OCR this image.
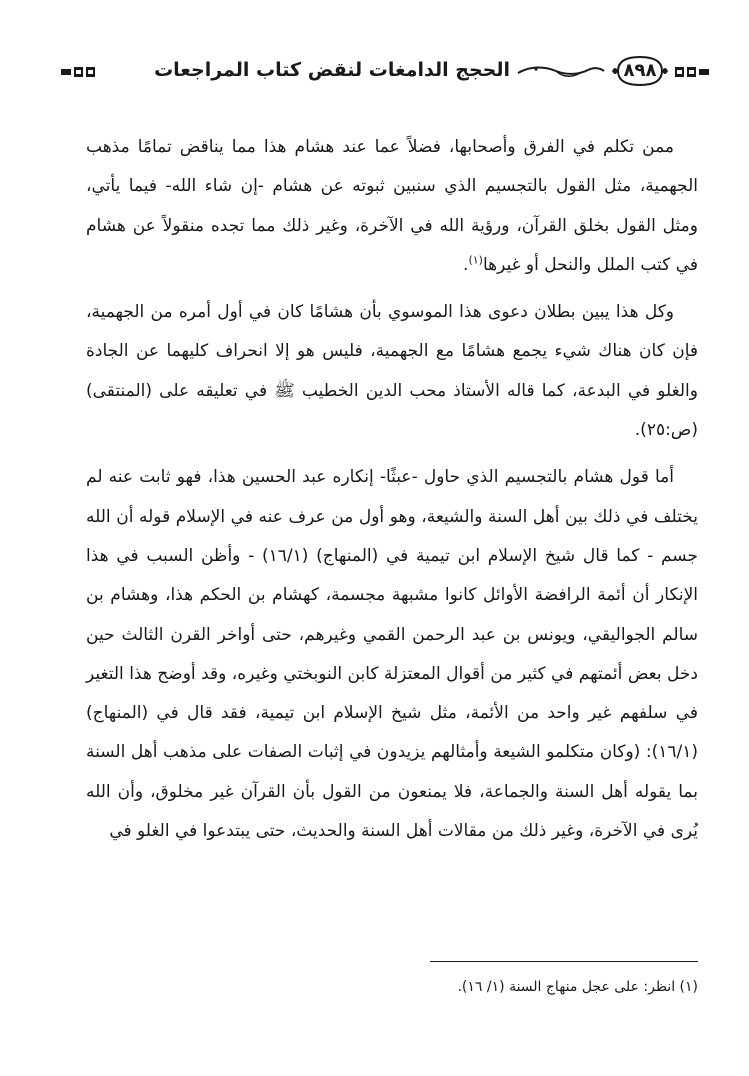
٨٩٨
الحجج الدامغات لنقض كتاب المراجعات

ممن تكلم في الفرق وأصحابها، فضلاً عما عند هشام هذا مما يناقض تمامًا مذهب الجهمية، مثل القول بالتجسيم الذي سنبين ثبوته عن هشام -إن شاء الله- فيما يأتي، ومثل القول بخلق القرآن، ورؤية الله في الآخرة، وغير ذلك مما تجده منقولاً عن هشام في كتب الملل والنحل أو غيرها$^{(١)}$.

وكل هذا يبين بطلان دعوى هذا الموسوي بأن هشامًا كان في أول أمره من الجهمية، فإن كان هناك شيء يجمع هشامًا مع الجهمية، فليس هو إلا انحراف كليهما عن الجادة والغلو في البدعة، كما قاله الأستاذ محب الدين الخطيب ﷺ في تعليقه على (المنتقى) (ص:٢٥).

أما قول هشام بالتجسيم الذي حاول -عبثًا- إنكاره عبد الحسين هذا، فهو ثابت عنه لم يختلف في ذلك بين أهل السنة والشيعة، وهو أول من عرف عنه في الإسلام قوله أن الله جسم - كما قال شيخ الإسلام ابن تيمية في (المنهاج) (١٦/١) - وأظن السبب في هذا الإنكار أن أئمة الرافضة الأوائل كانوا مشبهة مجسمة، كهشام بن الحكم هذا، وهشام بن سالم الجواليقي، ويونس بن عبد الرحمن القمي وغيرهم، حتى أواخر القرن الثالث حين دخل بعض أئمتهم في كثير من أقوال المعتزلة كابن النوبختي وغيره، وقد أوضح هذا التغير في سلفهم غير واحد من الأئمة، مثل شيخ الإسلام ابن تيمية، فقد قال في (المنهاج) (١٦/١): (وكان متكلمو الشيعة وأمثالهم يزيدون في إثبات الصفات على مذهب أهل السنة بما يقوله أهل السنة والجماعة، فلا يمنعون من القول بأن القرآن غير مخلوق، وأن الله يُرى في الآخرة، وغير ذلك من مقالات أهل السنة والحديث، حتى يبتدعوا في الغلو في

(١) انظر: على عجل منهاج السنة (١/ ١٦).
